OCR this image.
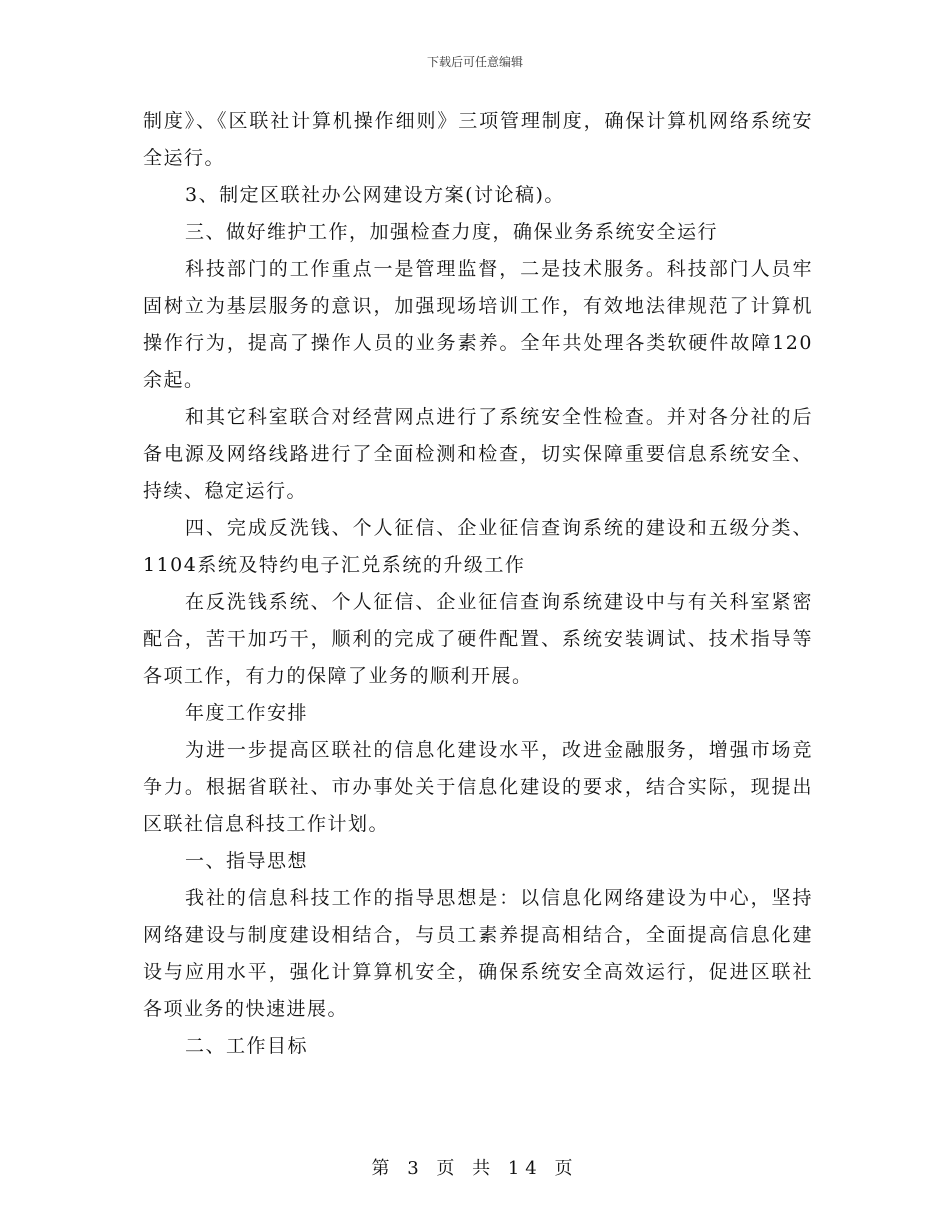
下载后可任意编辑

制度》、《区联社计算机操作细则》三项管理制度，确保计算机网络系统安全运行。

3、制定区联社办公网建设方案(讨论稿)。

三、做好维护工作，加强检查力度，确保业务系统安全运行

科技部门的工作重点一是管理监督，二是技术服务。科技部门人员牢固树立为基层服务的意识，加强现场培训工作，有效地法律规范了计算机操作行为，提高了操作人员的业务素养。全年共处理各类软硬件故障120余起。

和其它科室联合对经营网点进行了系统安全性检查。并对各分社的后备电源及网络线路进行了全面检测和检查，切实保障重要信息系统安全、持续、稳定运行。

四、完成反洗钱、个人征信、企业征信查询系统的建设和五级分类、1104系统及特约电子汇兑系统的升级工作

在反洗钱系统、个人征信、企业征信查询系统建设中与有关科室紧密配合，苦干加巧干，顺利的完成了硬件配置、系统安装调试、技术指导等各项工作，有力的保障了业务的顺利开展。

年度工作安排

为进一步提高区联社的信息化建设水平，改进金融服务，增强市场竞争力。根据省联社、市办事处关于信息化建设的要求，结合实际，现提出区联社信息科技工作计划。

一、指导思想

我社的信息科技工作的指导思想是：以信息化网络建设为中心，坚持网络建设与制度建设相结合，与员工素养提高相结合，全面提高信息化建设与应用水平，强化计算算机安全，确保系统安全高效运行，促进区联社各项业务的快速进展。

二、工作目标

第 3 页 共 14 页
